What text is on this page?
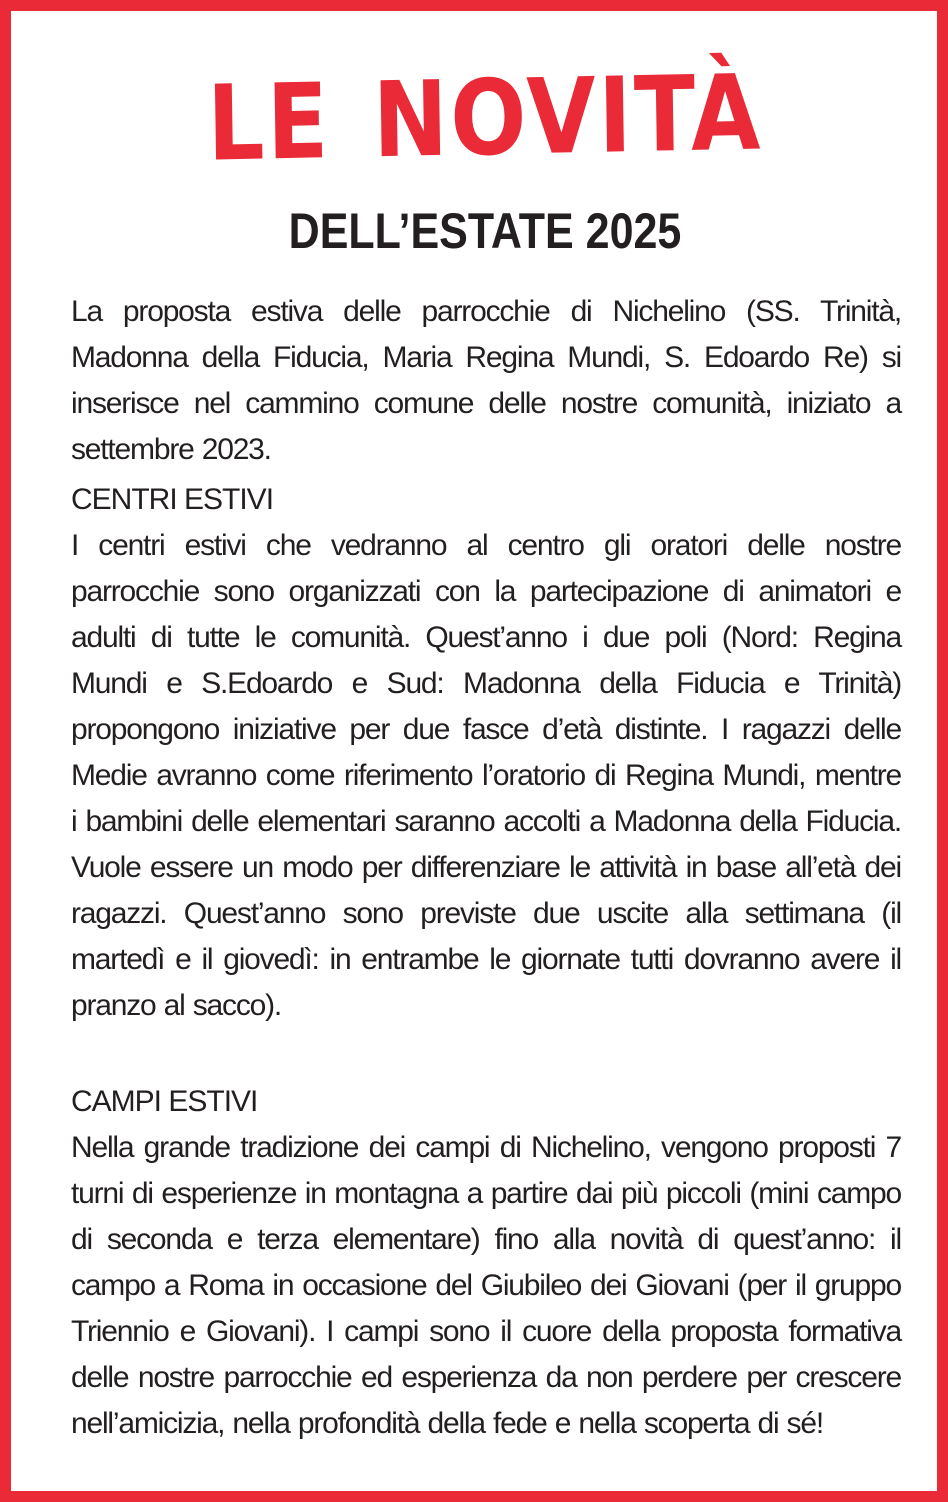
LE NOVITÀ
DELL’ESTATE 2025
La proposta estiva delle parrocchie di Nichelino (SS. Trinità, Madonna della Fiducia, Maria Regina Mundi, S. Edoardo Re) si inserisce nel cammino comune delle nostre comunità, iniziato a settembre 2023.
CENTRI ESTIVI
I centri estivi che vedranno al centro gli oratori delle nostre parrocchie sono organizzati con la partecipazione di animatori e adulti di tutte le comunità. Quest’anno i due poli (Nord: Regina Mundi e S.Edoardo e Sud: Madonna della Fiducia e Trinità) propongono iniziative per due fasce d’età distinte. I ragazzi delle Medie avranno come riferimento l’oratorio di Regina Mundi, mentre i bambini delle elementari saranno accolti a Madonna della Fiducia. Vuole essere un modo per differenziare le attività in base all’età dei ragazzi. Quest’anno sono previste due uscite alla settimana (il martedì e il giovedì: in entrambe le giornate tutti dovranno avere il pranzo al sacco).
CAMPI ESTIVI
Nella grande tradizione dei campi di Nichelino, vengono proposti 7 turni di esperienze in montagna a partire dai più piccoli (mini campo di seconda e terza elementare) fino alla novità di quest’anno: il campo a Roma in occasione del Giubileo dei Giovani (per il gruppo Triennio e Giovani). I campi sono il cuore della proposta formativa delle nostre parrocchie ed esperienza da non perdere per crescere nell’amicizia, nella profondità della fede e nella scoperta di sé!
